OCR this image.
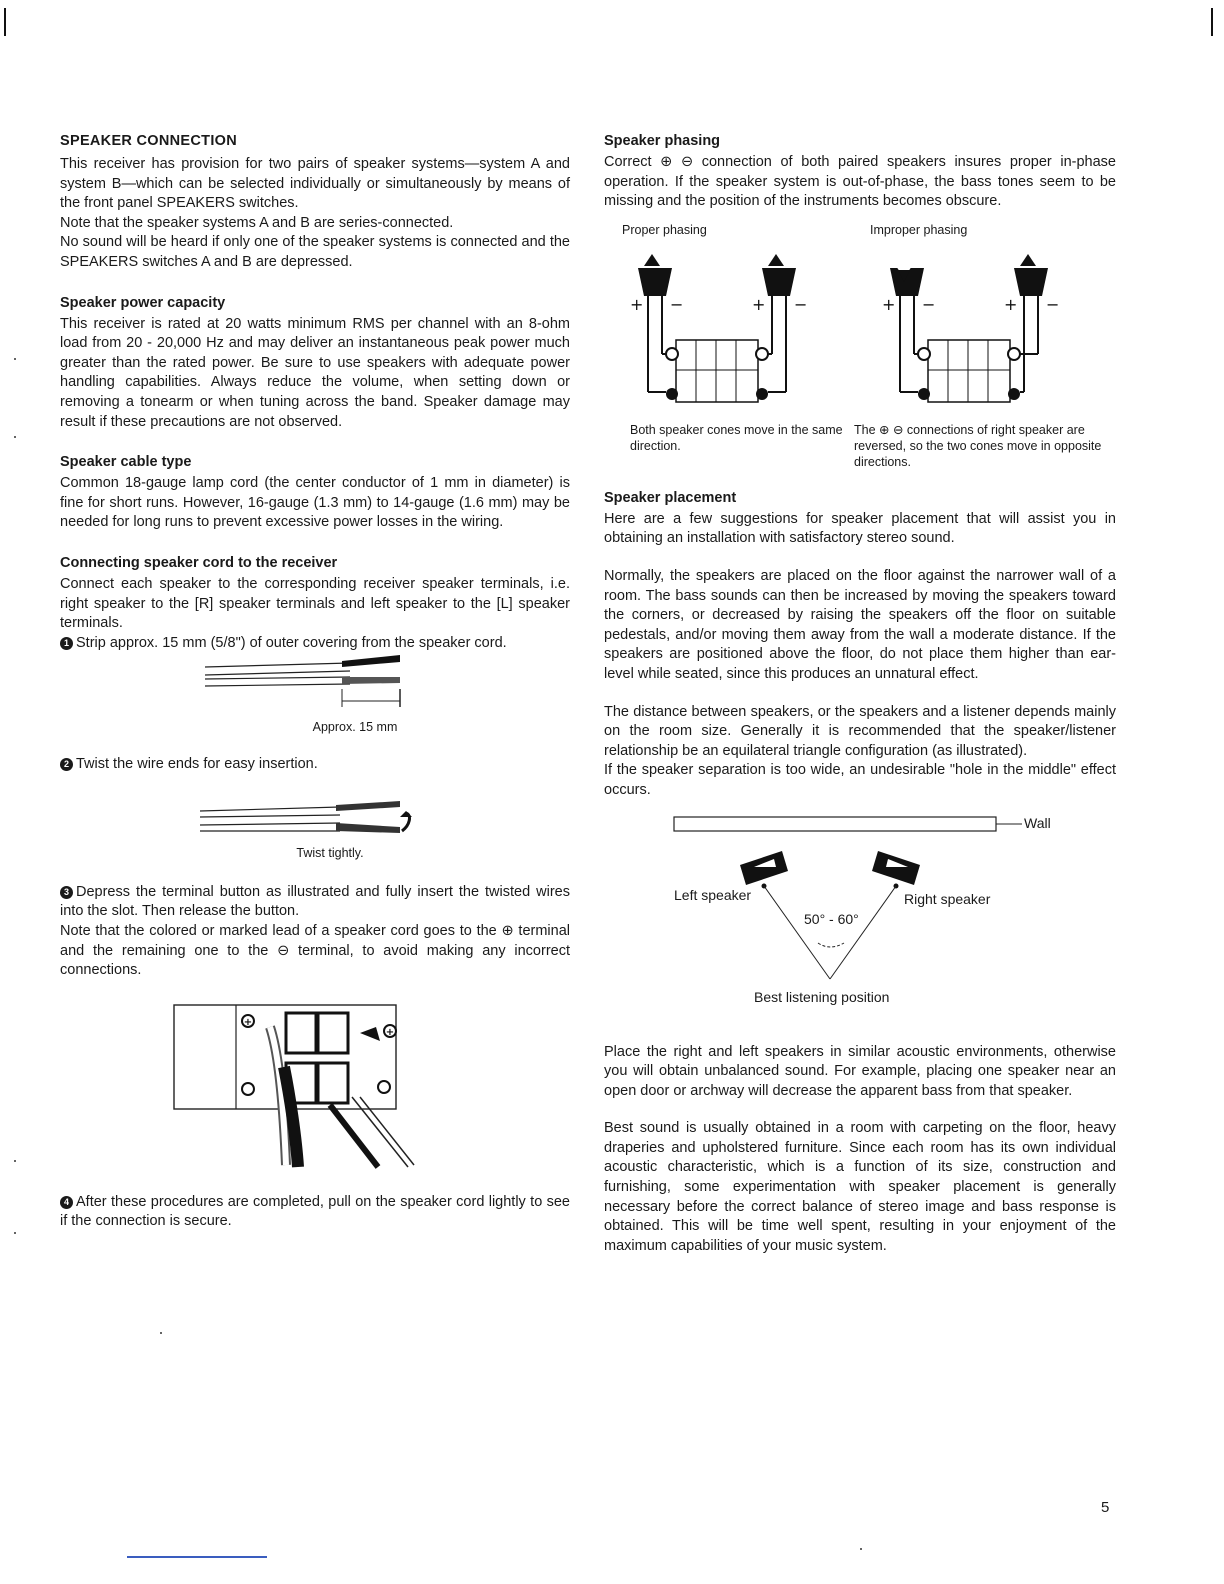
SPEAKER CONNECTION

This receiver has provision for two pairs of speaker systems—system A and system B—which can be selected individually or simultaneously by means of the front panel SPEAKERS switches.

Note that the speaker systems A and B are series-connected.

No sound will be heard if only one of the speaker systems is connected and the SPEAKERS switches A and B are depressed.

Speaker power capacity

This receiver is rated at 20 watts minimum RMS per channel with an 8-ohm load from 20 - 20,000 Hz and may deliver an instantaneous peak power much greater than the rated power. Be sure to use speakers with adequate power handling capabilities. Always reduce the volume, when setting down or removing a tonearm or when tuning across the band. Speaker damage may result if these precautions are not observed.

Speaker cable type

Common 18-gauge lamp cord (the center conductor of 1 mm in diameter) is fine for short runs. However, 16-gauge (1.3 mm) to 14-gauge (1.6 mm) may be needed for long runs to prevent excessive power losses in the wiring.

Connecting speaker cord to the receiver

Connect each speaker to the corresponding receiver speaker terminals, i.e. right speaker to the [R] speaker terminals and left speaker to the [L] speaker terminals.

1 Strip approx. 15 mm (5/8") of outer covering from the speaker cord.

Approx. 15 mm

2 Twist the wire ends for easy insertion.

Twist tightly.

3 Depress the terminal button as illustrated and fully insert the twisted wires into the slot. Then release the button.

Note that the colored or marked lead of a speaker cord goes to the ⊕ terminal and the remaining one to the ⊖ terminal, to avoid making any incorrect connections.

+
+

4 After these procedures are completed, pull on the speaker cord lightly to see if the connection is secure.

Speaker phasing

Correct ⊕ ⊖ connection of both paired speakers insures proper in-phase operation. If the speaker system is out-of-phase, the bass tones seem to be missing and the position of the instruments becomes obscure.

Proper phasing	Improper phasing
+ −	+ −	+ −	+ −
Both speaker cones move in the same direction.
The ⊕ ⊖ connections of right speaker are reversed, so the two cones move in opposite directions.
Speaker placement

Here are a few suggestions for speaker placement that will assist you in obtaining an installation with satisfactory stereo sound.

Normally, the speakers are placed on the floor against the narrower wall of a room. The bass sounds can then be increased by moving the speakers toward the corners, or decreased by raising the speakers off the floor on suitable pedestals, and/or moving them away from the wall a moderate distance. If the speakers are positioned above the floor, do not place them higher than ear-level while seated, since this produces an unnatural effect.

The distance between speakers, or the speakers and a listener depends mainly on the room size. Generally it is recommended that the speaker/listener relationship be an equilateral triangle configuration (as illustrated).

If the speaker separation is too wide, an undesirable "hole in the middle" effect occurs.

Wall
Left speaker	Right speaker
50° - 60°
Best listening position

Place the right and left speakers in similar acoustic environments, otherwise you will obtain unbalanced sound. For example, placing one speaker near an open door or archway will decrease the apparent bass from that speaker.

Best sound is usually obtained in a room with carpeting on the floor, heavy draperies and upholstered furniture. Since each room has its own individual acoustic characteristic, which is a function of its size, construction and furnishing, some experimentation with speaker placement is generally necessary before the correct balance of stereo image and bass response is obtained. This will be time well spent, resulting in your enjoyment of the maximum capabilities of your music system.

5
